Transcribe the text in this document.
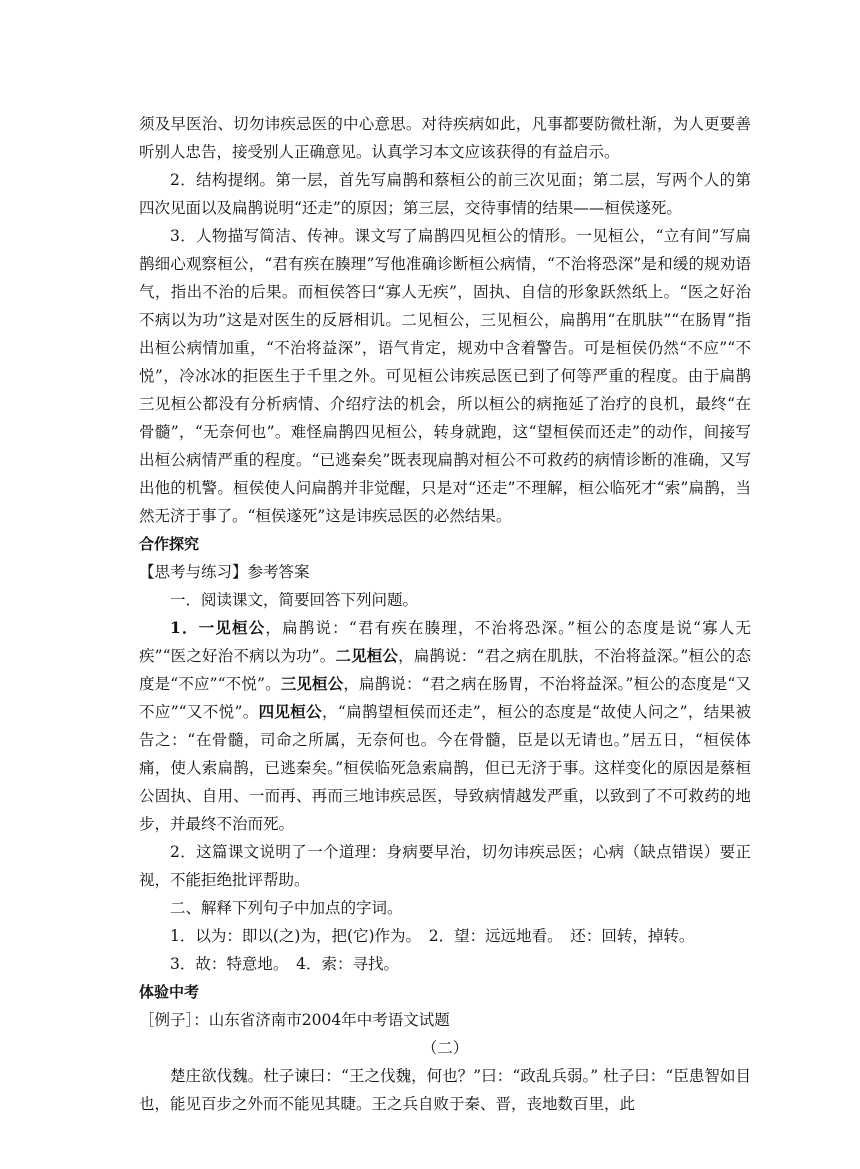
须及早医治、切勿讳疾忌医的中心意思。对待疾病如此，凡事都要防微杜渐，为人更要善听别人忠告，接受别人正确意见。认真学习本文应该获得的有益启示。

2．结构提纲。第一层，首先写扁鹊和蔡桓公的前三次见面；第二层，写两个人的第四次见面以及扁鹊说明“还走”的原因；第三层，交待事情的结果——桓侯遂死。

3．人物描写简洁、传神。课文写了扁鹊四见桓公的情形。一见桓公，“立有间”写扁鹊细心观察桓公，“君有疾在腠理”写他准确诊断桓公病情，“不治将恐深”是和缓的规劝语气，指出不治的后果。而桓侯答曰“寡人无疾”，固执、自信的形象跃然纸上。“医之好治不病以为功”这是对医生的反唇相讥。二见桓公，三见桓公，扁鹊用“在肌肤”“在肠胃”指出桓公病情加重，“不治将益深”，语气肯定，规劝中含着警告。可是桓侯仍然“不应”“不悦”，冷冰冰的拒医生于千里之外。可见桓公讳疾忌医已到了何等严重的程度。由于扁鹊三见桓公都没有分析病情、介绍疗法的机会，所以桓公的病拖延了治疗的良机，最终“在骨髓”，“无奈何也”。难怪扁鹊四见桓公，转身就跑，这“望桓侯而还走”的动作，间接写出桓公病情严重的程度。“已逃秦矣”既表现扁鹊对桓公不可救药的病情诊断的准确，又写出他的机警。桓侯使人问扁鹊并非觉醒，只是对“还走”不理解，桓公临死才“索”扁鹊，当然无济于事了。“桓侯遂死”这是讳疾忌医的必然结果。

合作探究

【思考与练习】参考答案

一．阅读课文，简要回答下列问题。

1．一见桓公，扁鹊说：“君有疾在腠理，不治将恐深。”桓公的态度是说“寡人无疾”“医之好治不病以为功”。二见桓公，扁鹊说：“君之病在肌肤，不治将益深。”桓公的态度是“不应”“不悦”。三见桓公，扁鹊说：“君之病在肠胃，不治将益深。”桓公的态度是“又不应”“又不悦”。四见桓公，“扁鹊望桓侯而还走”，桓公的态度是“故使人问之”，结果被告之：“在骨髓，司命之所属，无奈何也。今在骨髓，臣是以无请也。”居五日，“桓侯体痛，使人索扁鹊，已逃秦矣。”桓侯临死急索扁鹊，但已无济于事。这样变化的原因是蔡桓公固执、自用、一而再、再而三地讳疾忌医，导致病情越发严重，以致到了不可救药的地步，并最终不治而死。

2．这篇课文说明了一个道理：身病要早治，切勿讳疾忌医；心病（缺点错误）要正视，不能拒绝批评帮助。

二、解释下列句子中加点的字词。

1．以为：即以(之)为，把(它)作为。　2．望：远远地看。　还：回转，掉转。

3．故：特意地。　4．索：寻找。

体验中考

［例子］：山东省济南市2004年中考语文试题

（二）

楚庄欲伐魏。杜子谏曰：“王之伐魏，何也？”曰：“政乱兵弱。” 杜子曰：“臣患智如目也，能见百步之外而不能见其睫。王之兵自败于秦、晋，丧地数百里，此
